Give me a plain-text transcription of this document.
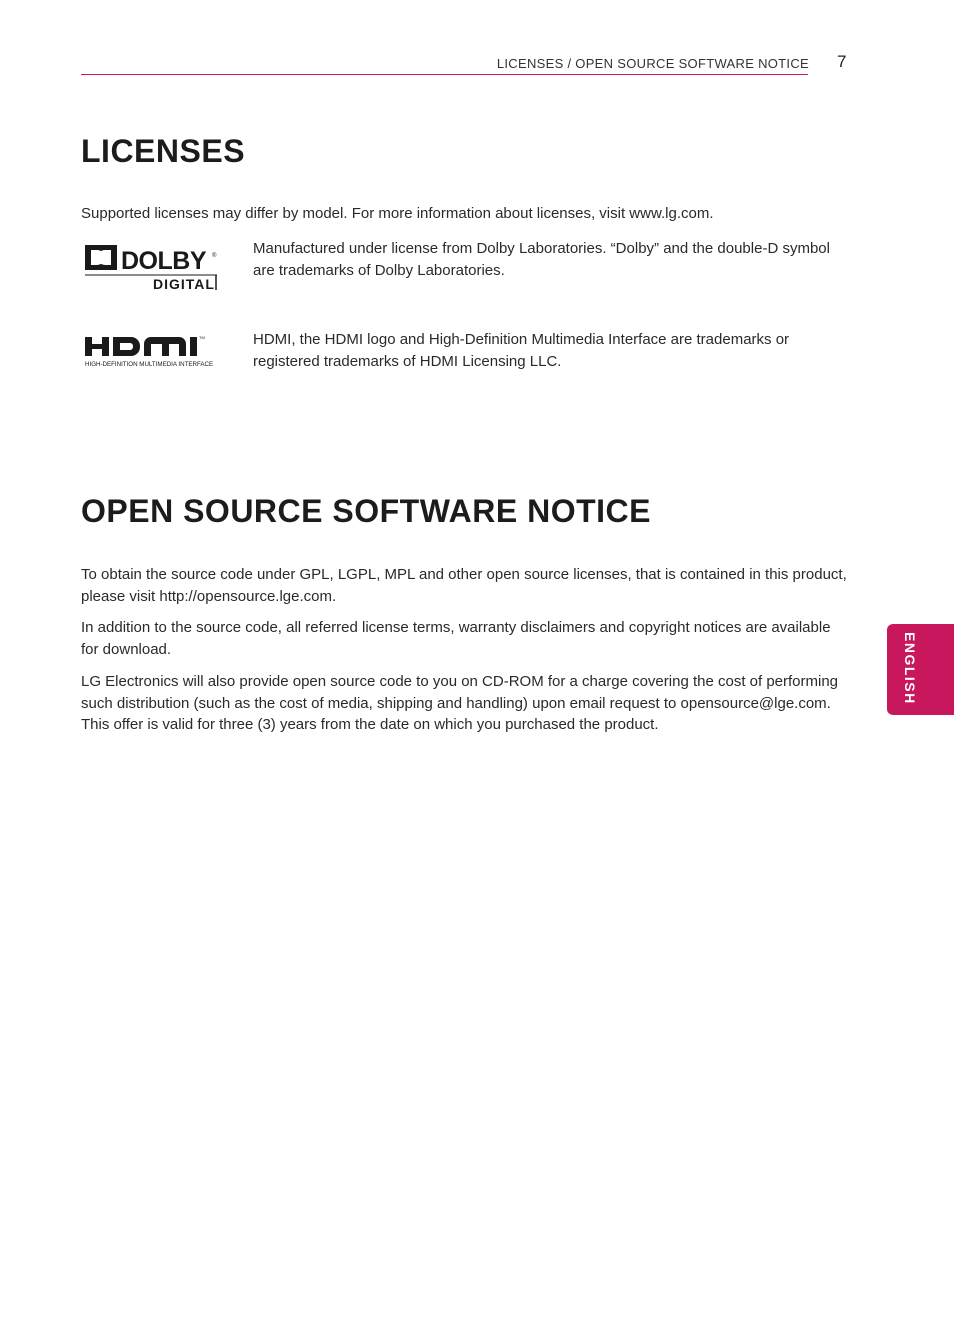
LICENSES / OPEN SOURCE SOFTWARE NOTICE 7
LICENSES

Supported licenses may differ by model. For more information about licenses, visit www.lg.com.

DOLBY ®
DIGITAL

Manufactured under license from Dolby Laboratories. “Dolby” and the double-D symbol are trademarks of Dolby Laboratories.

TM
HIGH-DEFINITION MULTIMEDIA INTERFACE

HDMI, the HDMI logo and High-Definition Multimedia Interface are trademarks or registered trademarks of HDMI Licensing LLC.

OPEN SOURCE SOFTWARE NOTICE

To obtain the source code under GPL, LGPL, MPL and other open source licenses, that is contained in this product, please visit http://opensource.lge.com.

In addition to the source code, all referred license terms, warranty disclaimers and copyright notices are available for download.

LG Electronics will also provide open source code to you on CD-ROM for a charge covering the cost of performing such distribution (such as the cost of media, shipping and handling) upon email request to opensource@lge.com. This offer is valid for three (3) years from the date on which you purchased the product.

ENGLISH
